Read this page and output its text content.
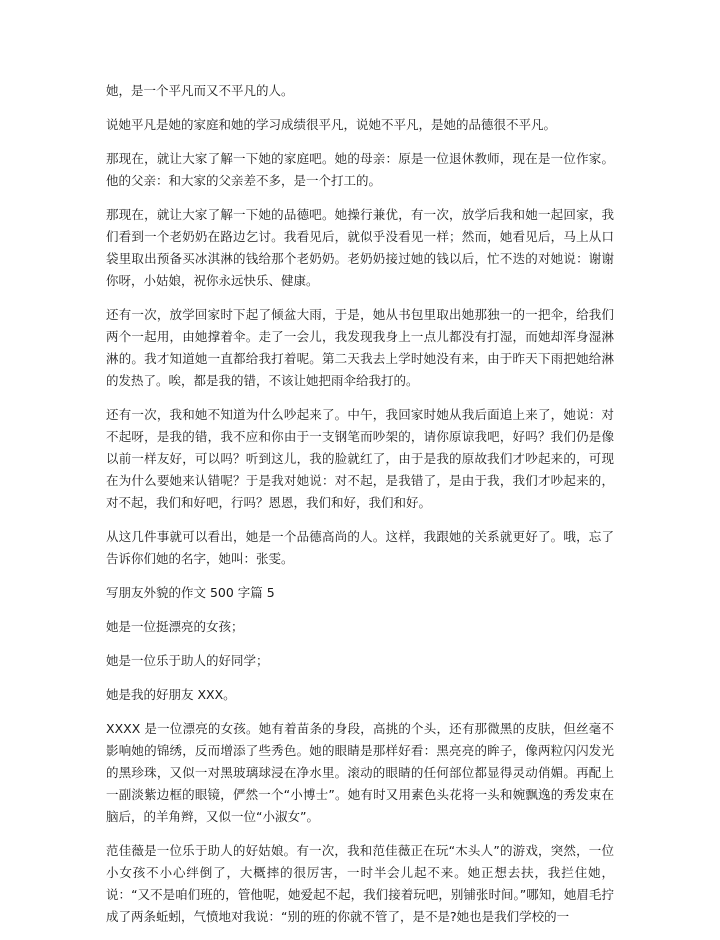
她，是一个平凡而又不平凡的人。

说她平凡是她的家庭和她的学习成绩很平凡，说她不平凡，是她的品德很不平凡。

那现在，就让大家了解一下她的家庭吧。她的母亲：原是一位退休教师，现在是一位作家。他的父亲：和大家的父亲差不多，是一个打工的。

那现在，就让大家了解一下她的品德吧。她操行兼优，有一次，放学后我和她一起回家，我们看到一个老奶奶在路边乞讨。我看见后，就似乎没看见一样；然而，她看见后，马上从口袋里取出预备买冰淇淋的钱给那个老奶奶。老奶奶接过她的钱以后，忙不迭的对她说：谢谢你呀，小姑娘，祝你永远快乐、健康。

还有一次，放学回家时下起了倾盆大雨，于是，她从书包里取出她那独一的一把伞，给我们两个一起用，由她撑着伞。走了一会儿，我发现我身上一点儿都没有打湿，而她却浑身湿淋淋的。我才知道她一直都给我打着呢。第二天我去上学时她没有来，由于昨天下雨把她给淋的发热了。唉，都是我的错，不该让她把雨伞给我打的。

还有一次，我和她不知道为什么吵起来了。中午，我回家时她从我后面追上来了，她说：对不起呀，是我的错，我不应和你由于一支钢笔而吵架的，请你原谅我吧，好吗？我们仍是像以前一样友好，可以吗？听到这儿，我的脸就红了，由于是我的原故我们才吵起来的，可现在为什么要她来认错呢？于是我对她说：对不起，是我错了，是由于我，我们才吵起来的，对不起，我们和好吧，行吗？恩恩，我们和好，我们和好。

从这几件事就可以看出，她是一个品德高尚的人。这样，我跟她的关系就更好了。哦，忘了告诉你们她的名字，她叫：张雯。

写朋友外貌的作文 500 字篇 5

她是一位挺漂亮的女孩；

她是一位乐于助人的好同学；

她是我的好朋友 XXX。

XXXX 是一位漂亮的女孩。她有着苗条的身段，高挑的个头，还有那微黑的皮肤，但丝毫不影响她的锦绣，反而增添了些秀色。她的眼睛是那样好看：黑亮亮的眸子，像两粒闪闪发光的黑珍珠，又似一对黑玻璃球浸在净水里。滚动的眼睛的任何部位都显得灵动俏媚。再配上一副淡紫边框的眼镜，俨然一个“小博士”。她有时又用素色头花将一头和婉飘逸的秀发束在脑后，的羊角辫，又似一位“小淑女”。

范佳薇是一位乐于助人的好姑娘。有一次，我和范佳薇正在玩“木头人”的游戏，突然，一位小女孩不小心绊倒了，大概摔的很厉害，一时半会儿起不来。她正想去扶，我拦住她，说：“又不是咱们班的，管他呢，她爱起不起，我们接着玩吧，别铺张时间。”哪知，她眉毛拧成了两条蚯蚓，气愤地对我说：“别的班的你就不管了，是不是?她也是我们学校的一
